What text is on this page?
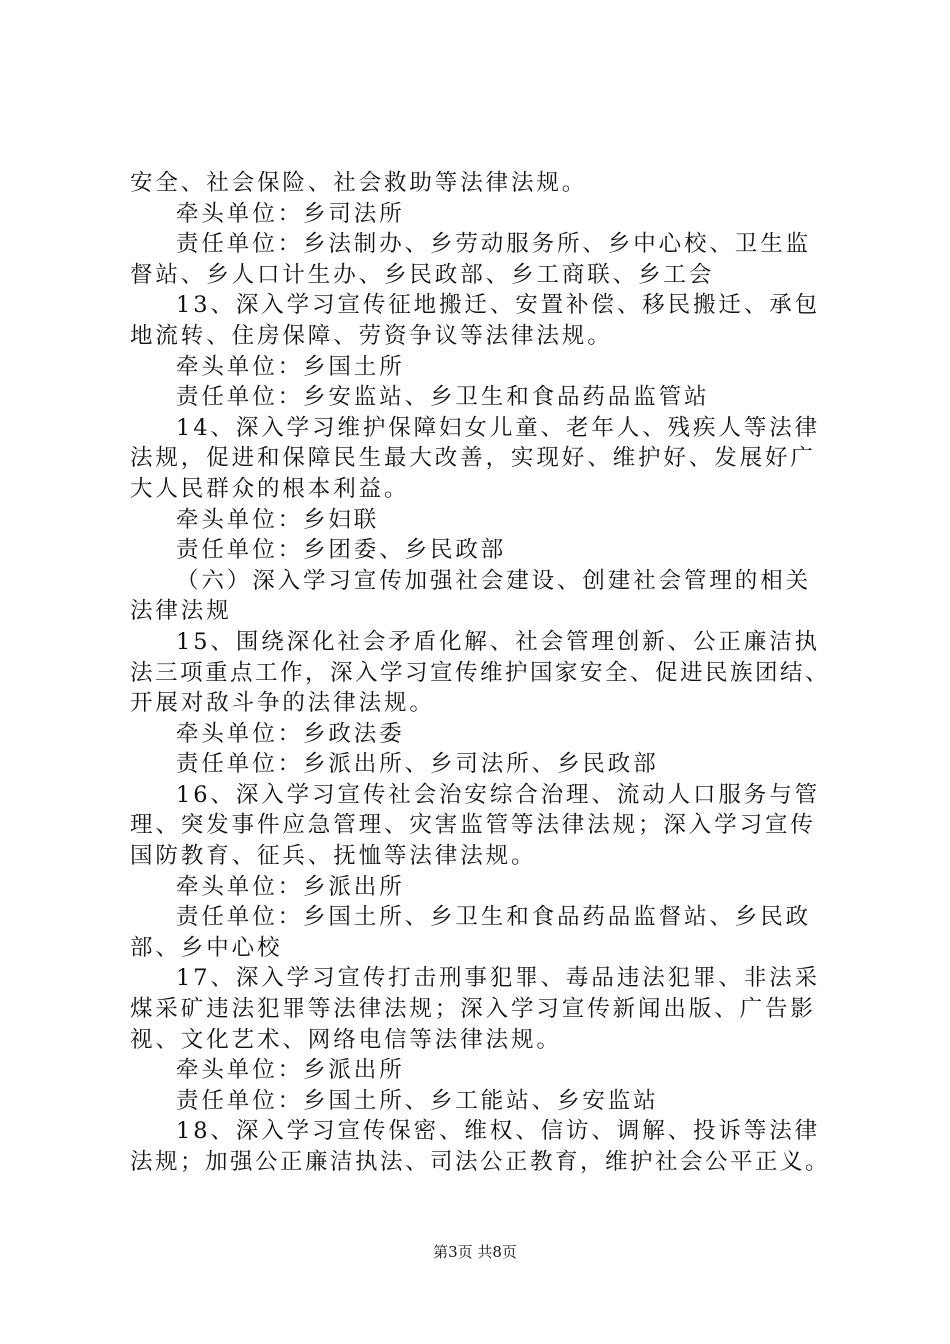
安全、社会保险、社会救助等法律法规。
牵头单位：乡司法所
责任单位：乡法制办、乡劳动服务所、乡中心校、卫生监
督站、乡人口计生办、乡民政部、乡工商联、乡工会
13、深入学习宣传征地搬迁、安置补偿、移民搬迁、承包
地流转、住房保障、劳资争议等法律法规。
牵头单位：乡国土所
责任单位：乡安监站、乡卫生和食品药品监管站
14、深入学习维护保障妇女儿童、老年人、残疾人等法律
法规，促进和保障民生最大改善，实现好、维护好、发展好广
大人民群众的根本利益。
牵头单位：乡妇联
责任单位：乡团委、乡民政部
（六）深入学习宣传加强社会建设、创建社会管理的相关
法律法规
15、围绕深化社会矛盾化解、社会管理创新、公正廉洁执
法三项重点工作，深入学习宣传维护国家安全、促进民族团结、
开展对敌斗争的法律法规。
牵头单位：乡政法委
责任单位：乡派出所、乡司法所、乡民政部
16、深入学习宣传社会治安综合治理、流动人口服务与管
理、突发事件应急管理、灾害监管等法律法规；深入学习宣传
国防教育、征兵、抚恤等法律法规。
牵头单位：乡派出所
责任单位：乡国土所、乡卫生和食品药品监督站、乡民政
部、乡中心校
17、深入学习宣传打击刑事犯罪、毒品违法犯罪、非法采
煤采矿违法犯罪等法律法规；深入学习宣传新闻出版、广告影
视、文化艺术、网络电信等法律法规。
牵头单位：乡派出所
责任单位：乡国土所、乡工能站、乡安监站
18、深入学习宣传保密、维权、信访、调解、投诉等法律
法规；加强公正廉洁执法、司法公正教育，维护社会公平正义。
第3页 共8页
